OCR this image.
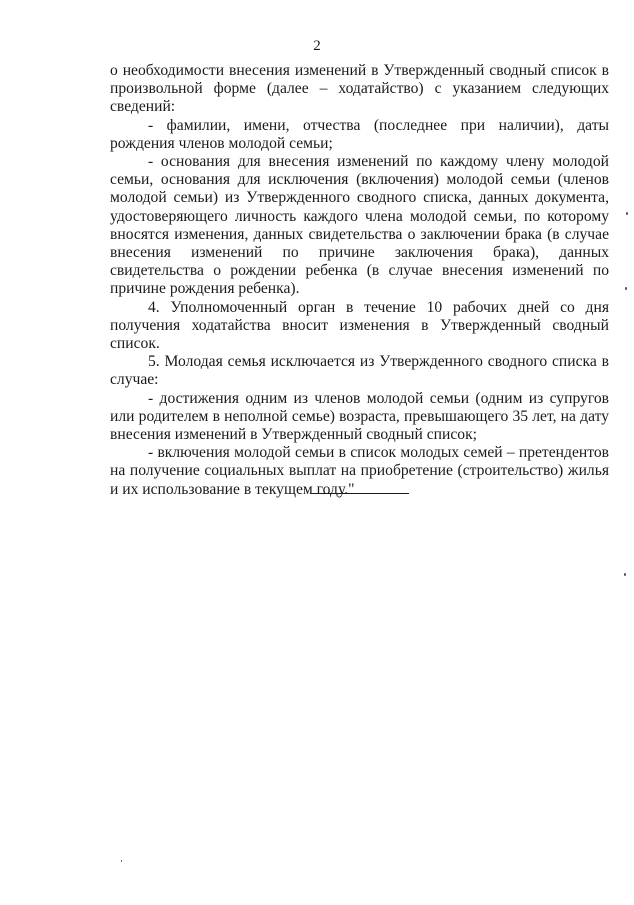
2

о необходимости внесения изменений в Утвержденный сводный список в произвольной форме (далее – ходатайство) с указанием следующих сведений:

- фамилии, имени, отчества (последнее при наличии), даты рождения членов молодой семьи;

- основания для внесения изменений по каждому члену молодой семьи, основания для исключения (включения) молодой семьи (членов молодой семьи) из Утвержденного сводного списка, данных документа, удостоверяющего личность каждого члена молодой семьи, по которому вносятся изменения, данных свидетельства о заключении брака (в случае внесения изменений по причине заключения брака), данных свидетельства о рождении ребенка (в случае внесения изменений по причине рождения ребенка).

4. Уполномоченный орган в течение 10 рабочих дней со дня получения ходатайства вносит изменения в Утвержденный сводный список.

5. Молодая семья исключается из Утвержденного сводного списка в случае:

- достижения одним из членов молодой семьи (одним из супругов или родителем в неполной семье) возраста, превышающего 35 лет, на дату внесения изменений в Утвержденный сводный список;

- включения молодой семьи в список молодых семей – претендентов на получение социальных выплат на приобретение (строительство) жилья и их использование в текущем году."
